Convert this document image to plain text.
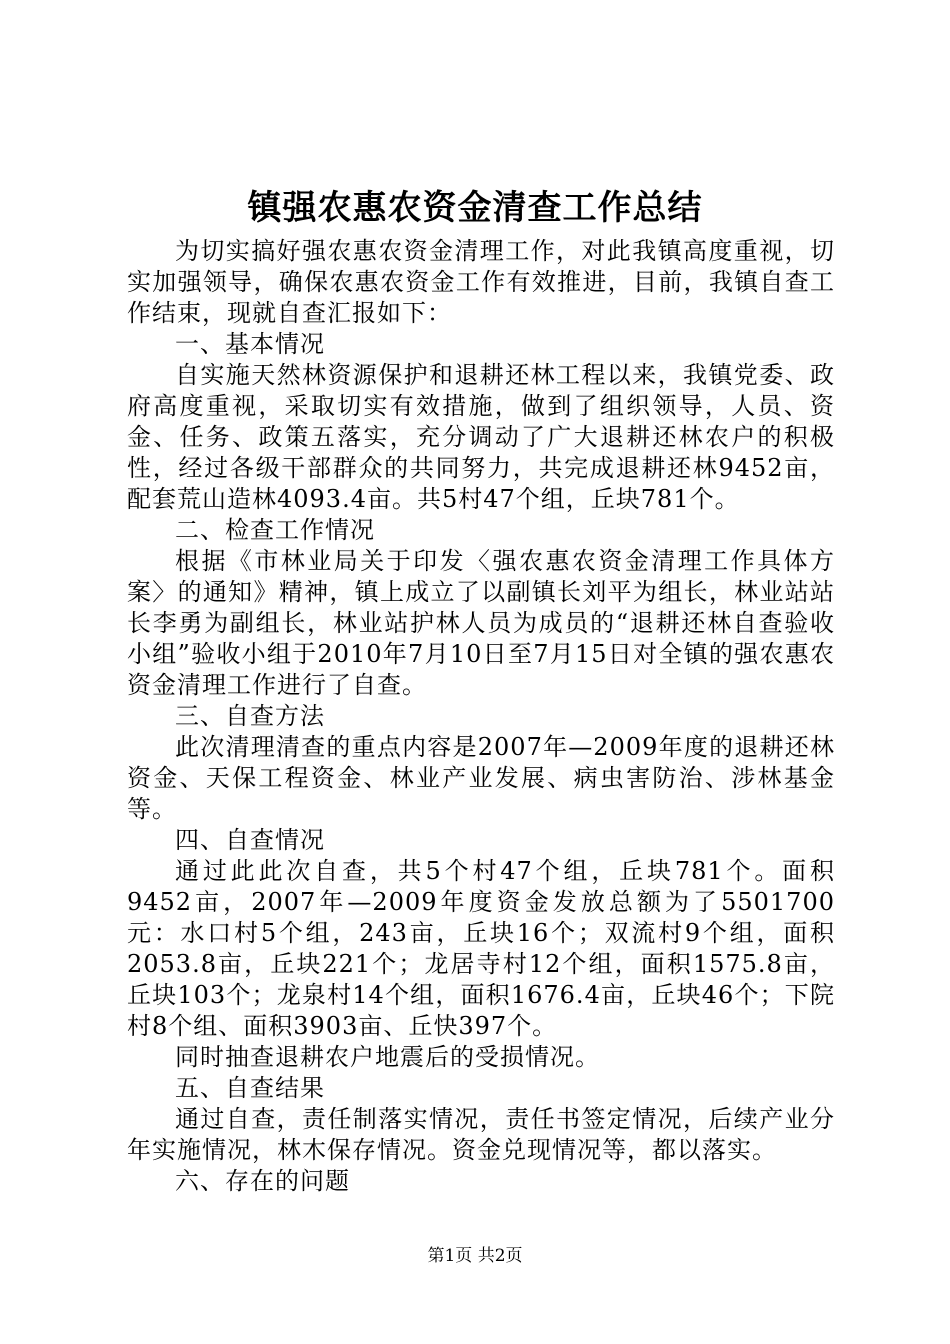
镇强农惠农资金清查工作总结

为切实搞好强农惠农资金清理工作，对此我镇高度重视，切实加强领导，确保农惠农资金工作有效推进，目前，我镇自查工作结束，现就自查汇报如下：

一、基本情况

自实施天然林资源保护和退耕还林工程以来，我镇党委、政府高度重视，采取切实有效措施，做到了组织领导，人员、资金、任务、政策五落实，充分调动了广大退耕还林农户的积极性，经过各级干部群众的共同努力，共完成退耕还林9452亩，配套荒山造林4093.4亩。共5村47个组，丘块781个。

二、检查工作情况

根据《市林业局关于印发〈强农惠农资金清理工作具体方案〉的通知》精神，镇上成立了以副镇长刘平为组长，林业站站长李勇为副组长，林业站护林人员为成员的“退耕还林自查验收小组”验收小组于2010年7月10日至7月15日对全镇的强农惠农资金清理工作进行了自查。

三、自查方法

此次清理清查的重点内容是2007年—2009年度的退耕还林资金、天保工程资金、林业产业发展、病虫害防治、涉林基金等。

四、自查情况

通过此此次自查，共5个村47个组，丘块781个。面积9452亩，2007年—2009年度资金发放总额为了5501700元：水口村5个组，243亩，丘块16个；双流村9个组，面积2053.8亩，丘块221个；龙居寺村12个组，面积1575.8亩，丘块103个；龙泉村14个组，面积1676.4亩，丘块46个；下院村8个组、面积3903亩、丘快397个。

同时抽查退耕农户地震后的受损情况。

五、自查结果

通过自查，责任制落实情况，责任书签定情况，后续产业分年实施情况，林木保存情况。资金兑现情况等，都以落实。

六、存在的问题

第1页 共2页
